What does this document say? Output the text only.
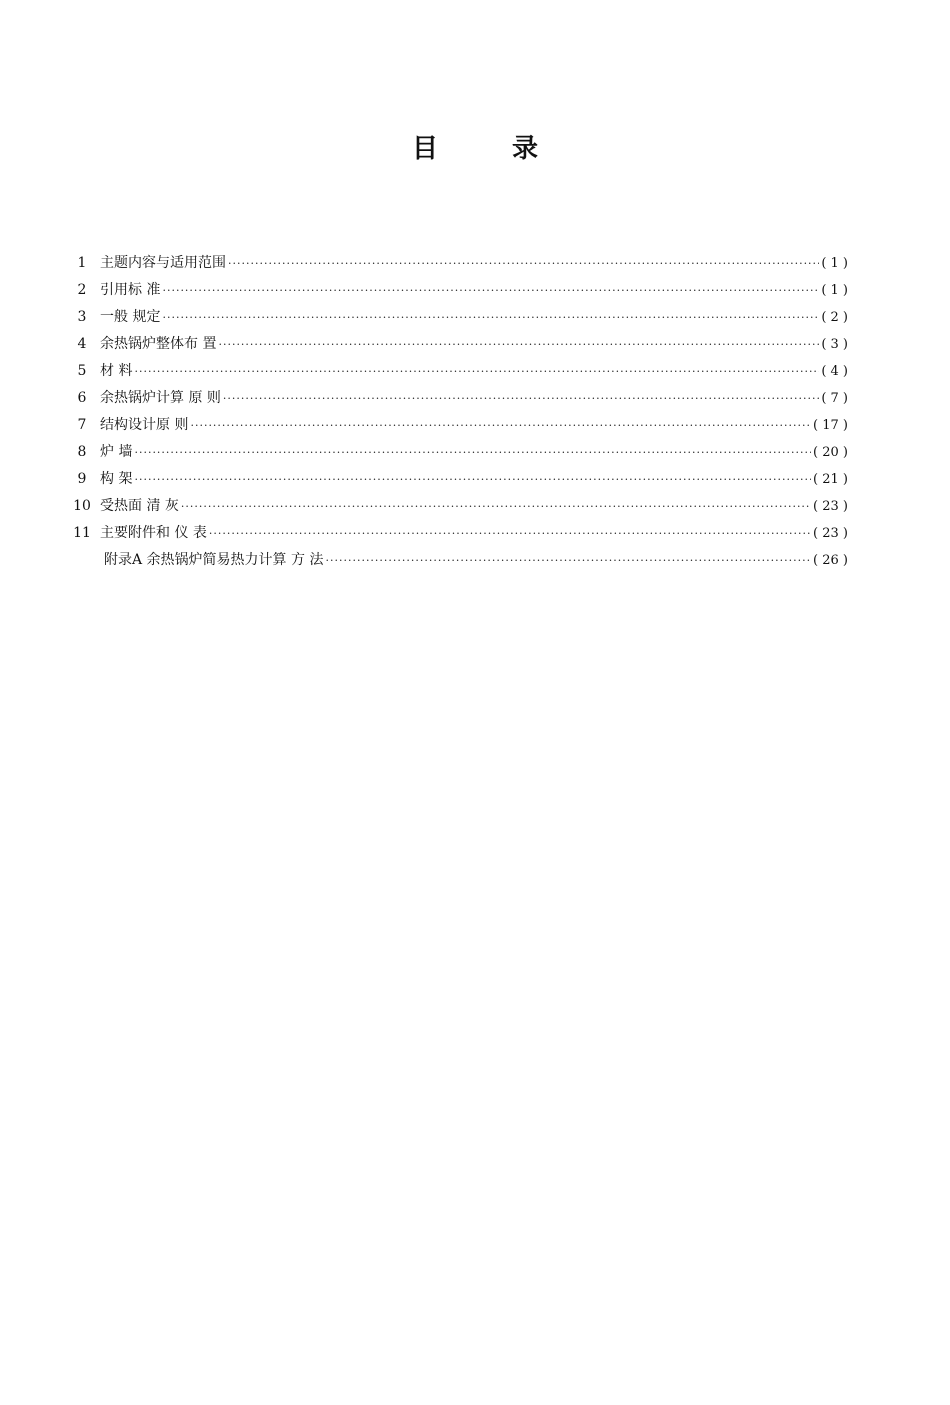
目	录
1 主题内容与适用范围 ·····	( 1 )
2 引用标 准 ·····	( 1 )
3 一般 规定 ·····	( 2 )
4 余热锅炉整体布 置 ·····	( 3 )
5 材 料 ·····	( 4 )
6 余热锅炉计算 原 则 ·····	( 7 )
7 结构设计原 则 ·····	( 17 )
8 炉 墙 ·····	( 20 )
9 构 架 ·····	( 21 )
10 受热面 清 灰 ·····	( 23 )
11 主要附件和 仪 表 ·····	( 23 )
附录A 余热锅炉简易热力计算 方 法 ·····	( 26 )
